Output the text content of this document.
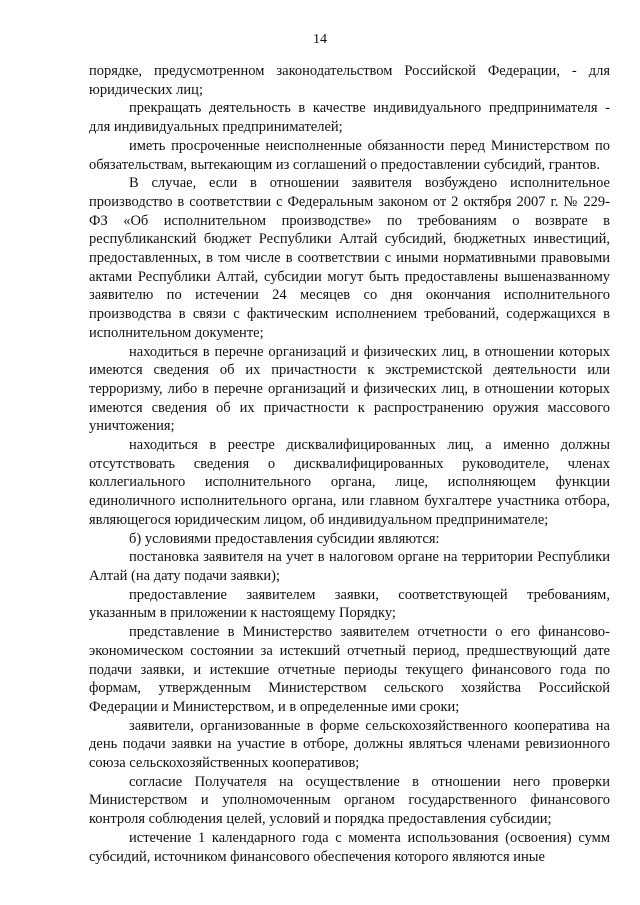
14

порядке, предусмотренном законодательством Российской Федерации, - для юридических лиц;

прекращать деятельность в качестве индивидуального предпринимателя - для индивидуальных предпринимателей;

иметь просроченные неисполненные обязанности перед Министерством по обязательствам, вытекающим из соглашений о предоставлении субсидий, грантов.

В случае, если в отношении заявителя возбуждено исполнительное производство в соответствии с Федеральным законом от 2 октября 2007 г. № 229-ФЗ «Об исполнительном производстве» по требованиям о возврате в республиканский бюджет Республики Алтай субсидий, бюджетных инвестиций, предоставленных, в том числе в соответствии с иными нормативными правовыми актами Республики Алтай, субсидии могут быть предоставлены вышеназванному заявителю по истечении 24 месяцев со дня окончания исполнительного производства в связи с фактическим исполнением требований, содержащихся в исполнительном документе;

находиться в перечне организаций и физических лиц, в отношении которых имеются сведения об их причастности к экстремистской деятельности или терроризму, либо в перечне организаций и физических лиц, в отношении которых имеются сведения об их причастности к распространению оружия массового уничтожения;

находиться в реестре дисквалифицированных лиц, а именно должны отсутствовать сведения о дисквалифицированных руководителе, членах коллегиального исполнительного органа, лице, исполняющем функции единоличного исполнительного органа, или главном бухгалтере участника отбора, являющегося юридическим лицом, об индивидуальном предпринимателе;

б) условиями предоставления субсидии являются:

постановка заявителя на учет в налоговом органе на территории Республики Алтай (на дату подачи заявки);

предоставление заявителем заявки, соответствующей требованиям, указанным в приложении к настоящему Порядку;

представление в Министерство заявителем отчетности о его финансово-экономическом состоянии за истекший отчетный период, предшествующий дате подачи заявки, и истекшие отчетные периоды текущего финансового года по формам, утвержденным Министерством сельского хозяйства Российской Федерации и Министерством, и в определенные ими сроки;

заявители, организованные в форме сельскохозяйственного кооператива на день подачи заявки на участие в отборе, должны являться членами ревизионного союза сельскохозяйственных кооперативов;

согласие Получателя на осуществление в отношении него проверки Министерством и уполномоченным органом государственного финансового контроля соблюдения целей, условий и порядка предоставления субсидии;

истечение 1 календарного года с момента использования (освоения) сумм субсидий, источником финансового обеспечения которого являются иные
